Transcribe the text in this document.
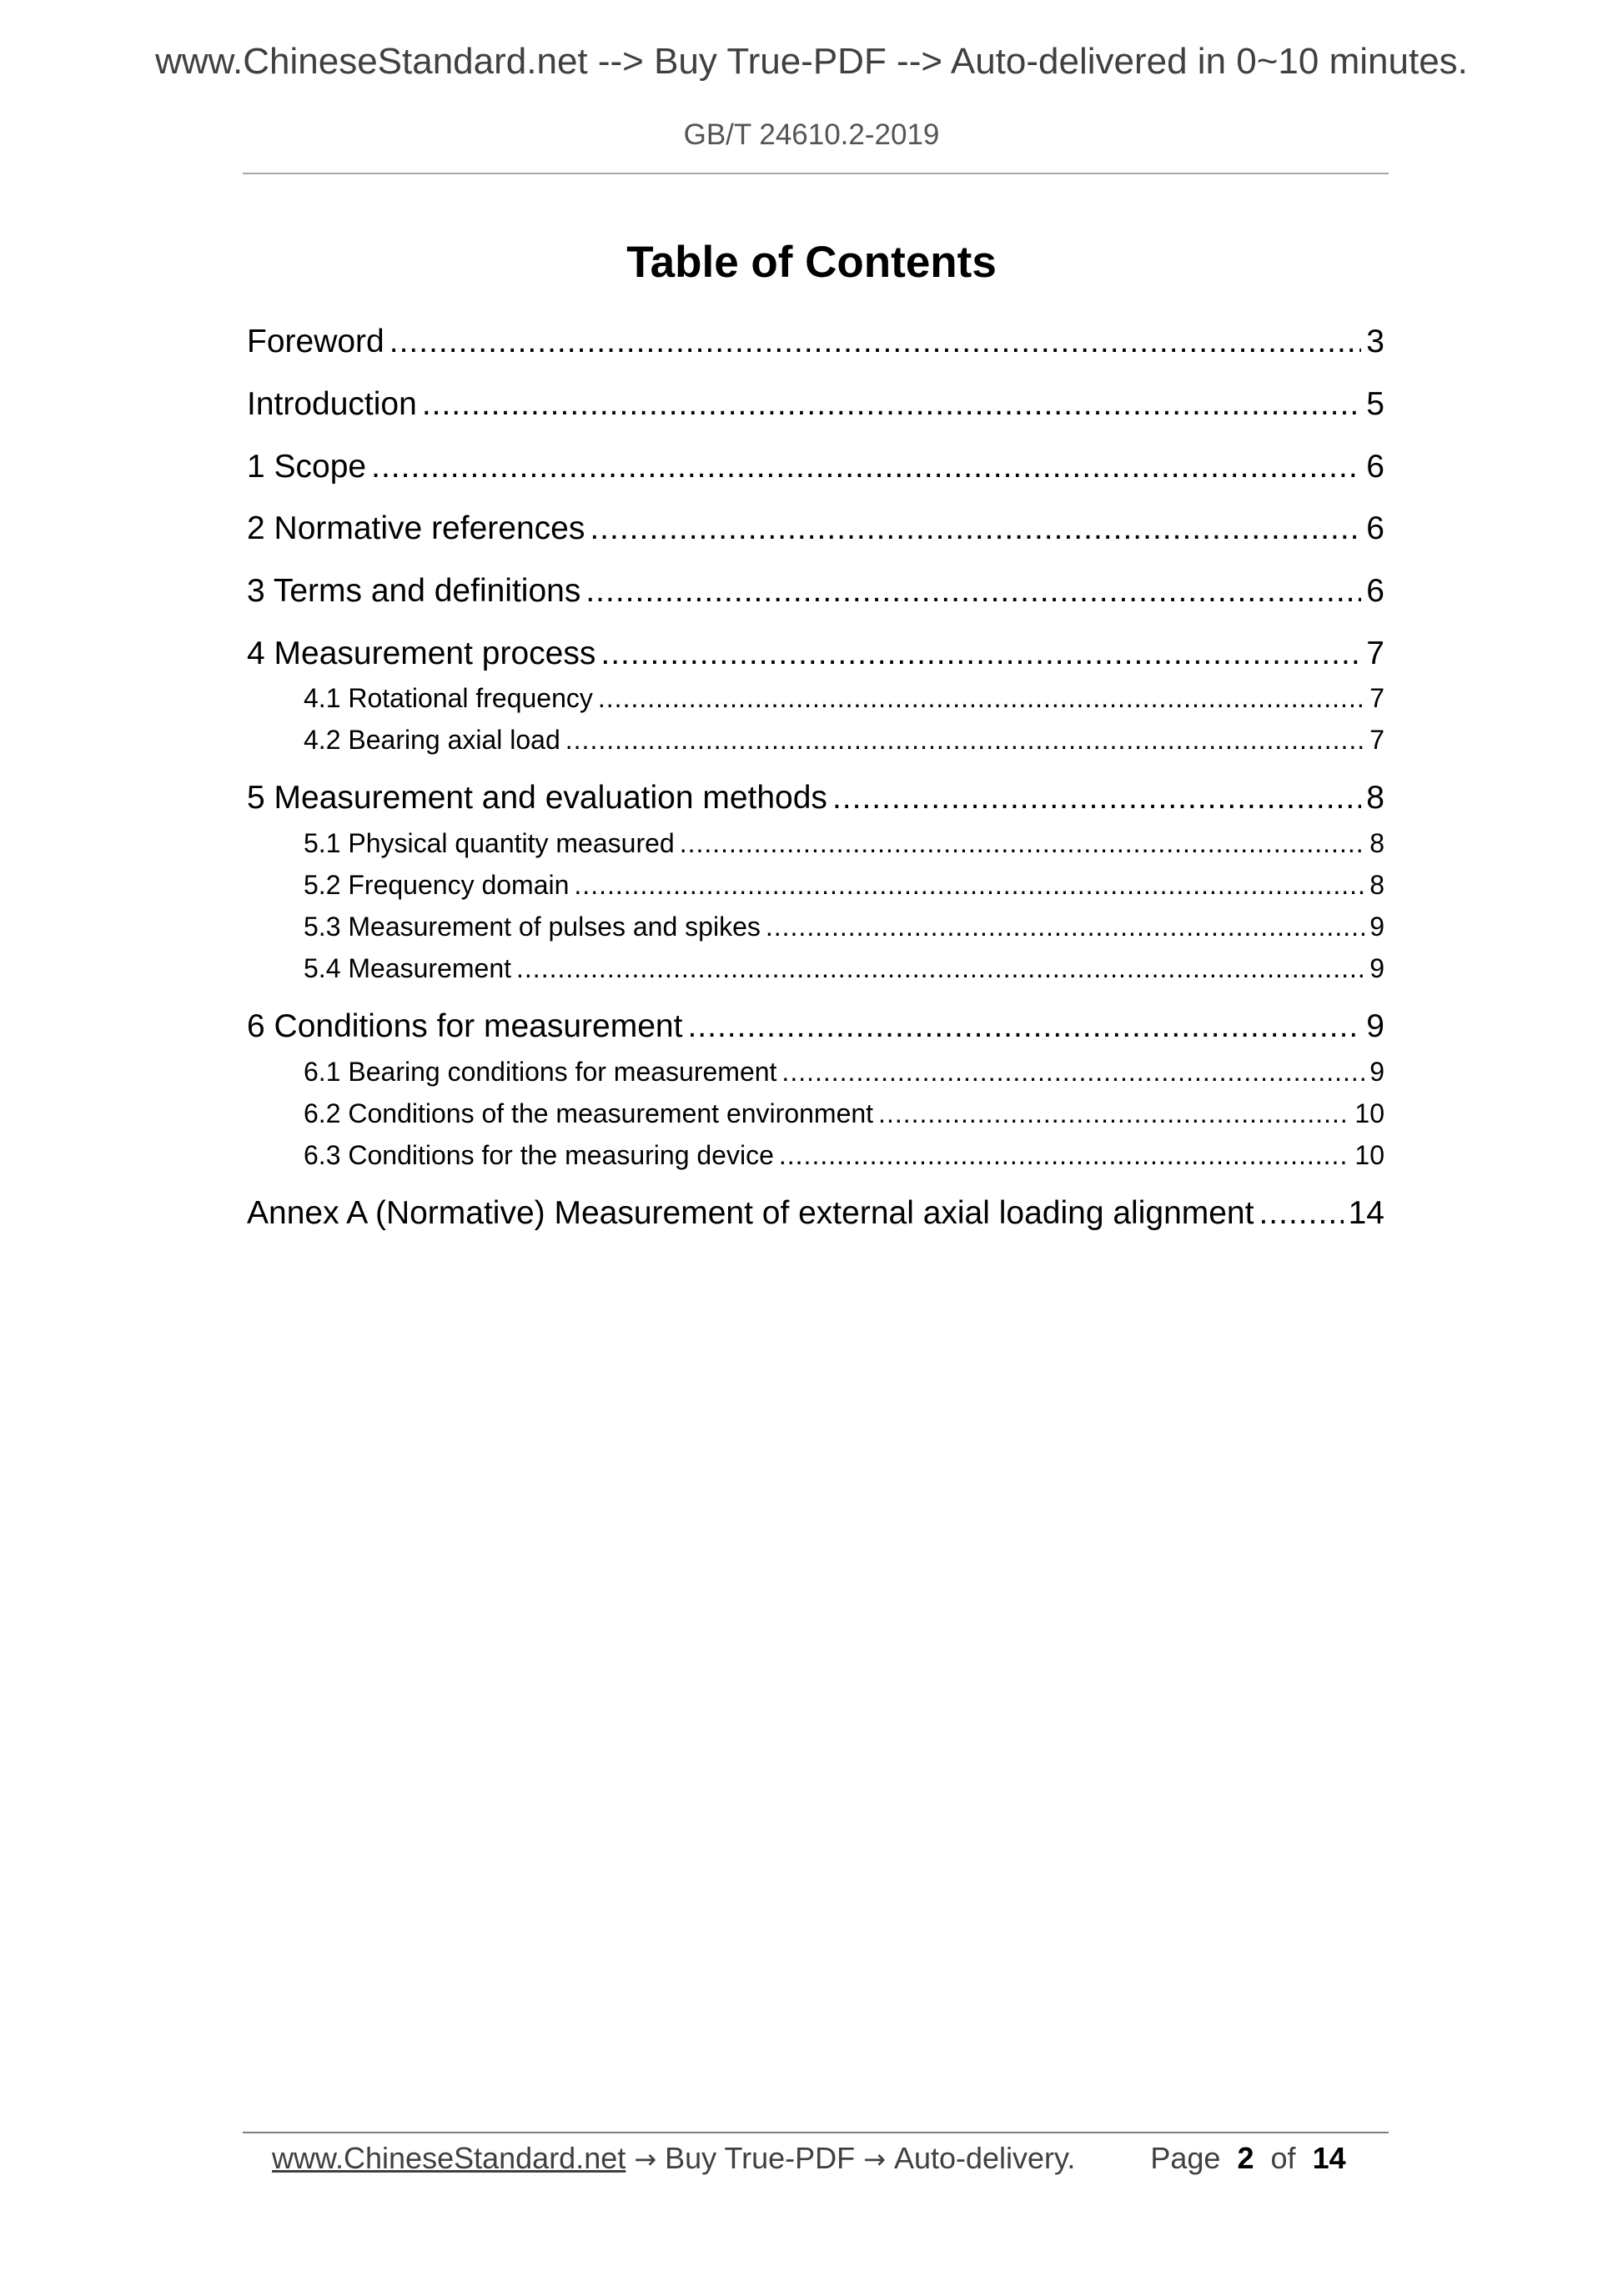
www.ChineseStandard.net --> Buy True-PDF --> Auto-delivered in 0~10 minutes.
GB/T 24610.2-2019
Table of Contents
Foreword .....	3
Introduction .....	5
1 Scope .....	6
2 Normative references .....	6
3 Terms and definitions .....	6
4 Measurement process .....	7
4.1 Rotational frequency .....	7
4.2 Bearing axial load .....	7
5 Measurement and evaluation methods .....	8
5.1 Physical quantity measured .....	8
5.2 Frequency domain .....	8
5.3 Measurement of pulses and spikes .....	9
5.4 Measurement .....	9
6 Conditions for measurement .....	9
6.1 Bearing conditions for measurement .....	9
6.2 Conditions of the measurement environment .....	10
6.3 Conditions for the measuring device .....	10
Annex A (Normative) Measurement of external axial loading alignment .....	14
www.ChineseStandard.net → Buy True-PDF → Auto-delivery.	Page 2 of 14
